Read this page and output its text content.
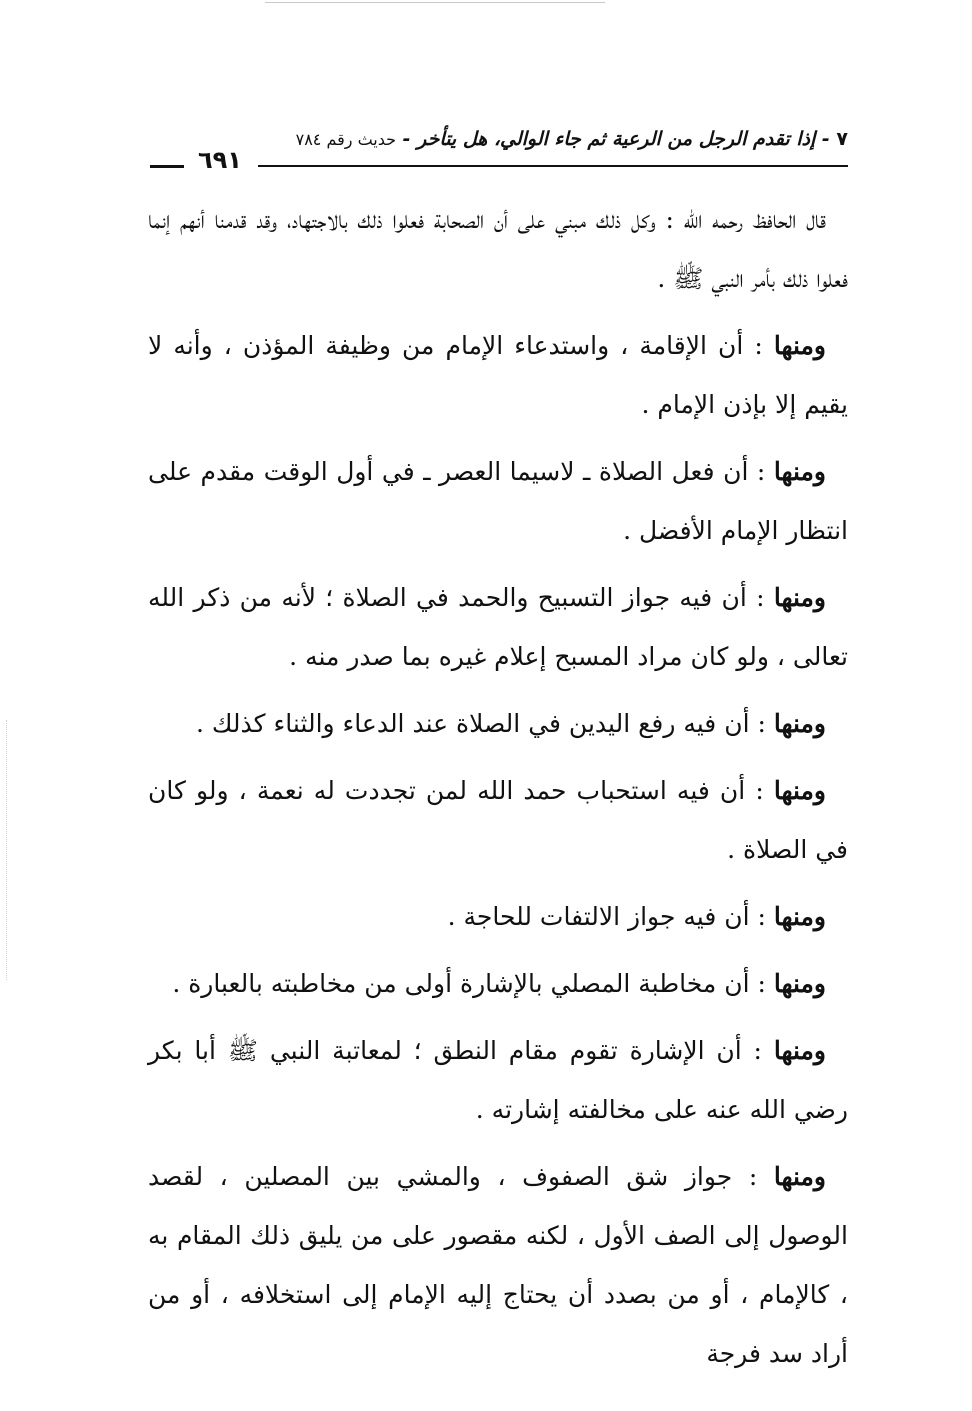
٧ - إذا تقدم الرجل من الرعية ثم جاء الوالي، هل يتأخر - حديث رقم ٧٨٤
٦٩١

قال الحافظ رحمه الله : وكل ذلك مبني على أن الصحابة فعلوا ذلك بالاجتهاد، وقد قدمنا أنهم إنما فعلوا ذلك بأمر النبي ﷺ .

ومنها : أن الإقامة ، واستدعاء الإمام من وظيفة المؤذن ، وأنه لا يقيم إلا بإذن الإمام .

ومنها : أن فعل الصلاة ـ لاسيما العصر ـ في أول الوقت مقدم على انتظار الإمام الأفضل .

ومنها : أن فيه جواز التسبيح والحمد في الصلاة ؛ لأنه من ذكر الله تعالى ، ولو كان مراد المسبح إعلام غيره بما صدر منه .

ومنها : أن فيه رفع اليدين في الصلاة عند الدعاء والثناء كذلك .

ومنها : أن فيه استحباب حمد الله لمن تجددت له نعمة ، ولو كان في الصلاة .

ومنها : أن فيه جواز الالتفات للحاجة .

ومنها : أن مخاطبة المصلي بالإشارة أولى من مخاطبته بالعبارة .

ومنها : أن الإشارة تقوم مقام النطق ؛ لمعاتبة النبي ﷺ أبا بكر رضي الله عنه على مخالفته إشارته .

ومنها : جواز شق الصفوف ، والمشي بين المصلين ، لقصد الوصول إلى الصف الأول ، لكنه مقصور على من يليق ذلك المقام به ، كالإمام ، أو من بصدد أن يحتاج إليه الإمام إلى استخلافه ، أو من أراد سد فرجة
